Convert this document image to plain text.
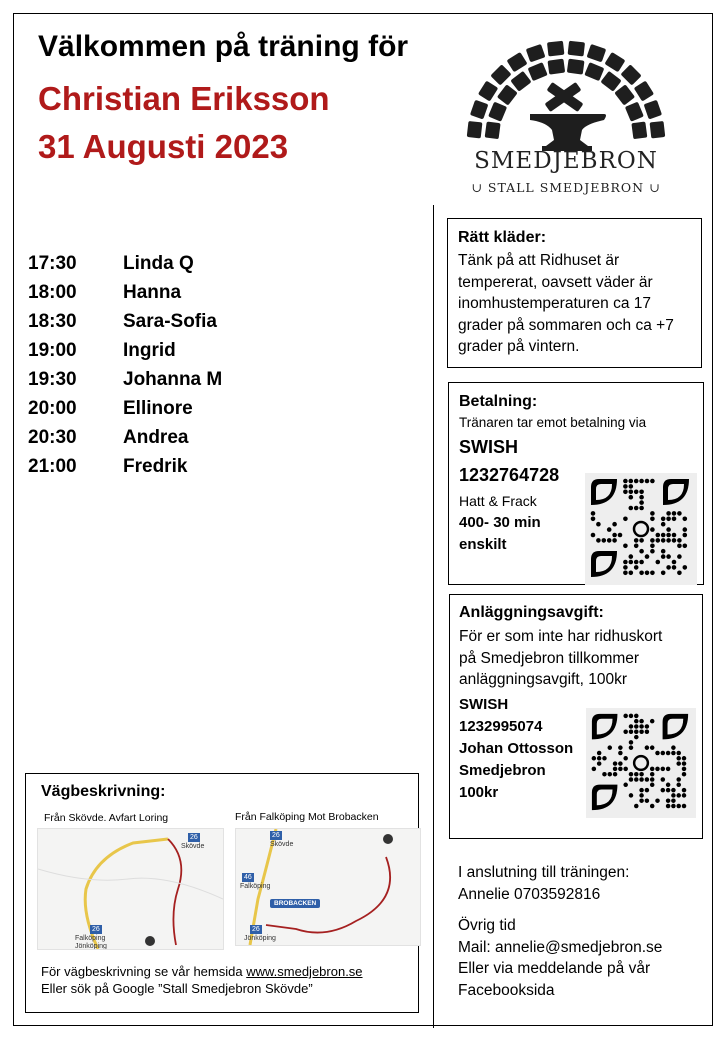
Välkommen på träning för
Christian Eriksson
31 Augusti 2023	SMEDJEBRON
∪ STALL SMEDJEBRON ∪
17:30 Linda Q
18:00 Hanna
18:30 Sara-Sofia
19:00 Ingrid
19:30 Johanna M
20:00 Ellinore
20:30 Andrea
21:00 Fredrik
Rätt kläder:
Tänk på att Ridhuset är
tempererat, oavsett väder är
inomhustemperaturen ca 17
grader på sommaren och ca +7
grader på vintern.
Betalning:
Tränaren tar emot betalning via
SWISH
1232764728
Hatt & Frack
400- 30 min
enskilt
Anläggningsavgift:
För er som inte har ridhuskort
på Smedjebron tillkommer
anläggningsavgift, 100kr
SWISH
1232995074
Johan Ottosson
Smedjebron
100kr
I anslutning till träningen:
Annelie 0703592816
Övrig tid
Mail: annelie@smedjebron.se
Eller via meddelande på vår
Facebooksida
Vägbeskrivning:
Från Skövde. Avfart Loring	Från Falköping Mot Brobacken
26
Skövde
26
Falköping
Jönköping
26
Skövde
46
Falköping
BROBACKEN
26
Jönköping
För vägbeskrivning se vår hemsida www.smedjebron.se
Eller sök på Google ”Stall Smedjebron Skövde”
